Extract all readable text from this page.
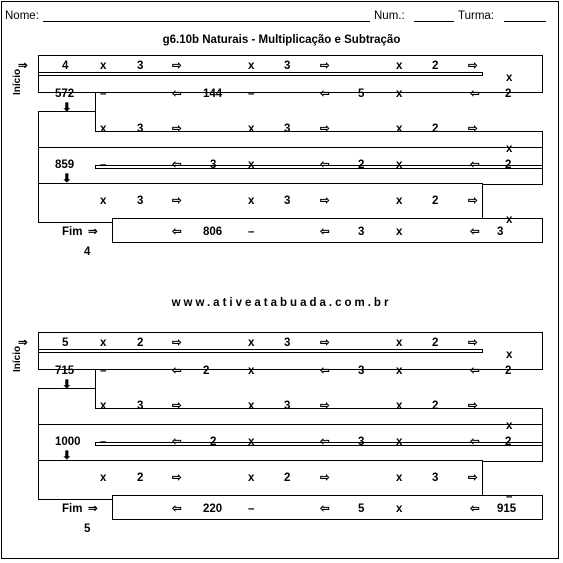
Nome:	Num.:	Turma:
g6.10b Naturais - Multiplicação e Subtração
Início
⇒	4	x	3 ⇨	x	3	⇨	x	2	⇨
x
572
⬇
–	⇦ 144 –	⇦ 5	x	⇦ 2
x	3 ⇨	x	3	⇨	x	2	⇨
x
859
⬇
–	⇦ 3	x	⇦ 2	x	⇦ 2
x	3 ⇨	x	3	⇨	x	2	⇨
x
Fim ⇒	⇦ 806 –	⇦ 3	x	⇦ 3
4
www.ativeatabuada.com.br
Início
⇒	5	x	2 ⇨	x	3	⇨	x	2	⇨
x
715
⬇
–	⇦ 2	x	⇦ 3	x	⇦ 2
x	3 ⇨	x	3	⇨	x	2	⇨
x
1000
⬇
–	⇦ 2	x	⇦ 3	x	⇦ 2
x	2 ⇨	x	2	⇨	x	3	⇨
–
Fim ⇒	⇦ 220 –	⇦ 5	x	⇦ 915
5
